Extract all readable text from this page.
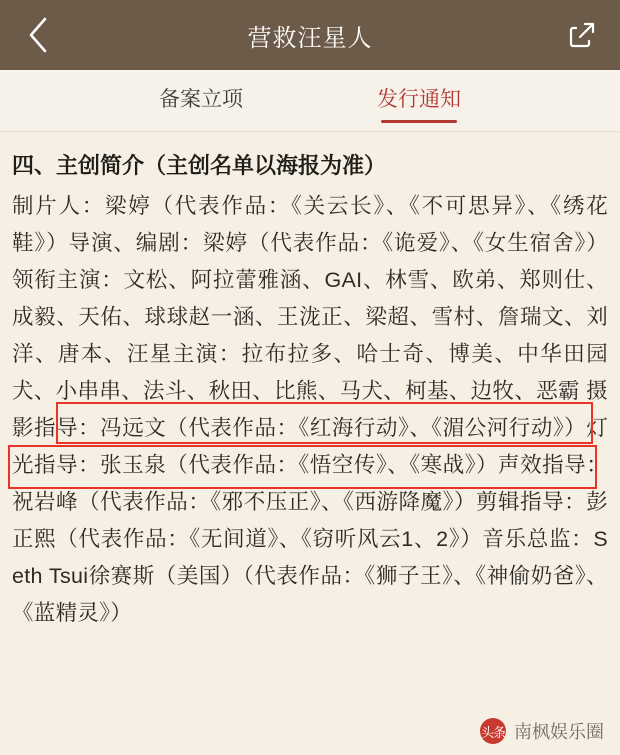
营救汪星人
备案立项	发行通知
四、主创简介（主创名单以海报为准）
制片人：梁婷（代表作品：《关云长》、《不可思异》、《绣花鞋》）导演、编剧：梁婷（代表作品：《诡爱》、《女生宿舍》）领衔主演：文松、阿拉蕾雅涵、GAI、林雪、欧弟、郑则仕、成毅、天佑、球球赵一涵、王泷正、梁超、雪村、詹瑞文、刘洋、唐本、汪星主演：拉布拉多、哈士奇、博美、中华田园犬、小串串、法斗、秋田、比熊、马犬、柯基、边牧、恶霸 摄影指导：冯远文（代表作品：《红海行动》、《湄公河行动》）灯光指导：张玉泉（代表作品：《悟空传》、《寒战》）声效指导：祝岩峰（代表作品：《邪不压正》、《西游降魔》）剪辑指导：彭正熙（代表作品：《无间道》、《窃听风云1、2》）音乐总监：Seth Tsui徐赛斯（美国）（代表作品：《狮子王》、《神偷奶爸》、《蓝精灵》）
头条 南枫娱乐圈
